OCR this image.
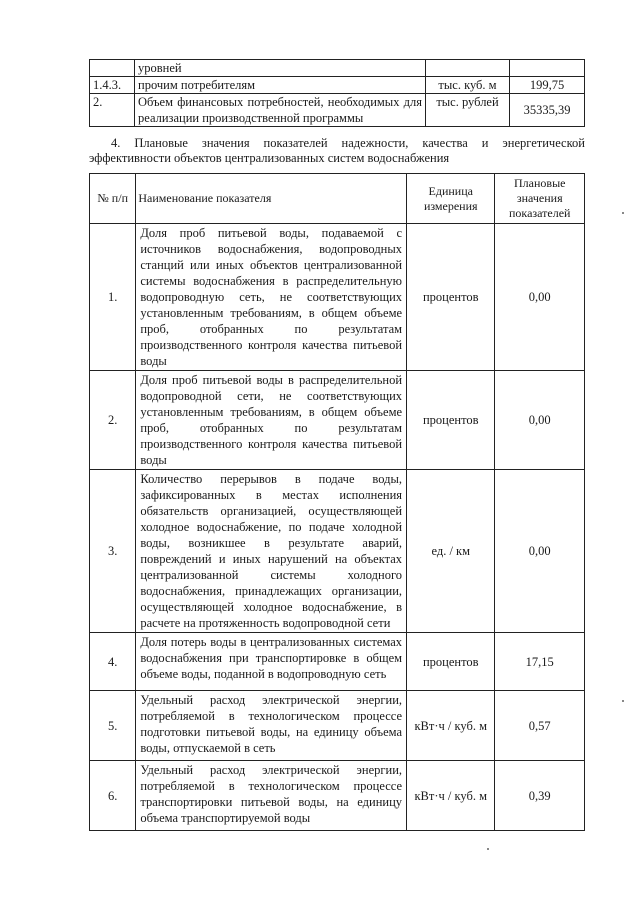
	уровней		
1.4.3.	прочим потребителям	тыс. куб. м	199,75
2.	Объем финансовых потребностей, необходимых для реализации производственной программы	тыс. рублей	35335,39

4. Плановые значения показателей надежности, качества и энергетической эффективности объектов централизованных систем водоснабжения

№ п/п	Наименование показателя	Единица измерения	Плановые значения показателей
1.	Доля проб питьевой воды, подаваемой с источников водоснабжения, водопроводных станций или иных объектов централизованной системы водоснабжения в распределительную водопроводную сеть, не соответствующих установленным требованиям, в общем объеме проб, отобранных по результатам производственного контроля качества питьевой воды	процентов	0,00
2.	Доля проб питьевой воды в распределительной водопроводной сети, не соответствующих установленным требованиям, в общем объеме проб, отобранных по результатам производственного контроля качества питьевой воды	процентов	0,00
3.	Количество перерывов в подаче воды, зафиксированных в местах исполнения обязательств организацией, осуществляющей холодное водоснабжение, по подаче холодной воды, возникшее в результате аварий, повреждений и иных нарушений на объектах централизованной системы холодного водоснабжения, принадлежащих организации, осуществляющей холодное водоснабжение, в расчете на протяженность водопроводной сети	ед. / км	0,00
4.	Доля потерь воды в централизованных системах водоснабжения при транспортировке в общем объеме воды, поданной в водопроводную сеть	процентов	17,15
5.	Удельный расход электрической энергии, потребляемой в технологическом процессе подготовки питьевой воды, на единицу объема воды, отпускаемой в сеть	кВт·ч / куб. м	0,57
6.	Удельный расход электрической энергии, потребляемой в технологическом процессе транспортировки питьевой воды, на единицу объема транспортируемой воды	кВт·ч / куб. м	0,39
